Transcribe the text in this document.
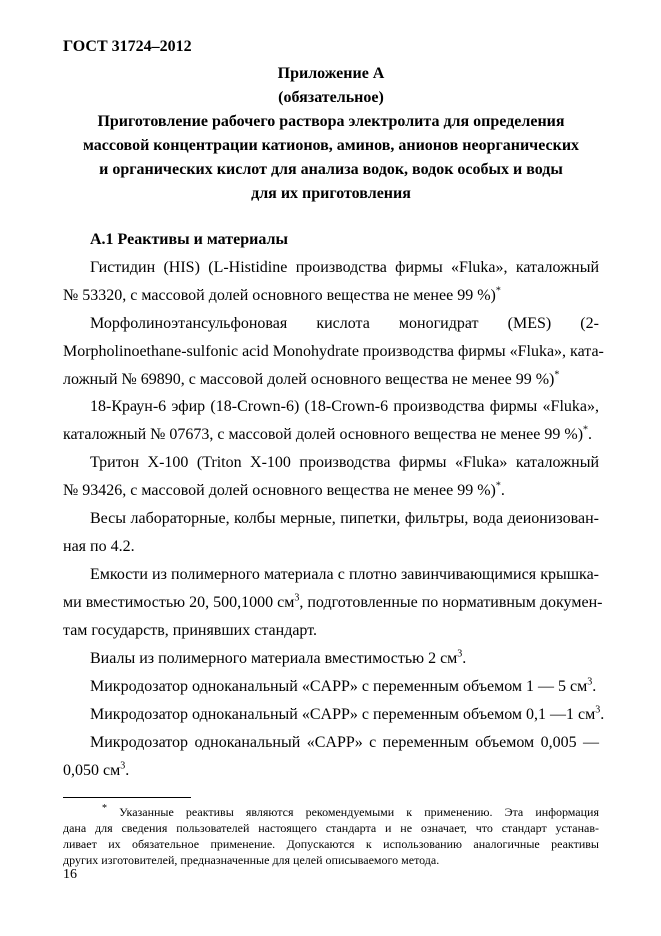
ГОСТ 31724–2012
Приложение А
(обязательное)
Приготовление рабочего раствора электролита для определения
массовой концентрации катионов, аминов, анионов неорганических
и органических кислот для анализа водок, водок особых и воды
для их приготовления
А.1 Реактивы и материалы
Гистидин (HIS) (L-Histidine производства фирмы «Fluka», каталожный
№ 53320, с массовой долей основного вещества не менее 99 %)*
Морфолиноэтансульфоновая кислота моногидрат (MES) (2-
Morpholinoethane-sulfonic acid Monohydrate производства фирмы «Fluka», ката-
ложный № 69890, с массовой долей основного вещества не менее 99 %)*
18-Краун-6 эфир (18-Crown-6) (18-Crown-6 производства фирмы «Fluka»,
каталожный № 07673, с массовой долей основного вещества не менее 99 %)*.
Тритон X-100 (Triton X-100 производства фирмы «Fluka» каталожный
№ 93426, с массовой долей основного вещества не менее 99 %)*.
Весы лабораторные, колбы мерные, пипетки, фильтры, вода деионизован-
ная по 4.2.
Емкости из полимерного материала с плотно завинчивающимися крышка-
ми вместимостью 20, 500,1000 $см^3$ , подготовленные по нормативным докумен-
там государств, принявших стандарт.
Виалы из полимерного материала вместимостью 2 $см^3$.
Микродозатор одноканальный «CAPP» с переменным объемом 1 — 5 $см^3$.
Микродозатор одноканальный «CAPP» с переменным объемом 0,1 —1 $см^3$.
Микродозатор одноканальный «CAPP» с переменным объемом 0,005 —
0,050 $см^3$.
* Указанные реактивы являются рекомендуемыми к применению. Эта информация
дана для сведения пользователей настоящего стандарта и не означает, что стандарт устанав-
ливает их обязательное применение. Допускаются к использованию аналогичные реактивы
других изготовителей, предназначенные для целей описываемого метода.
16
